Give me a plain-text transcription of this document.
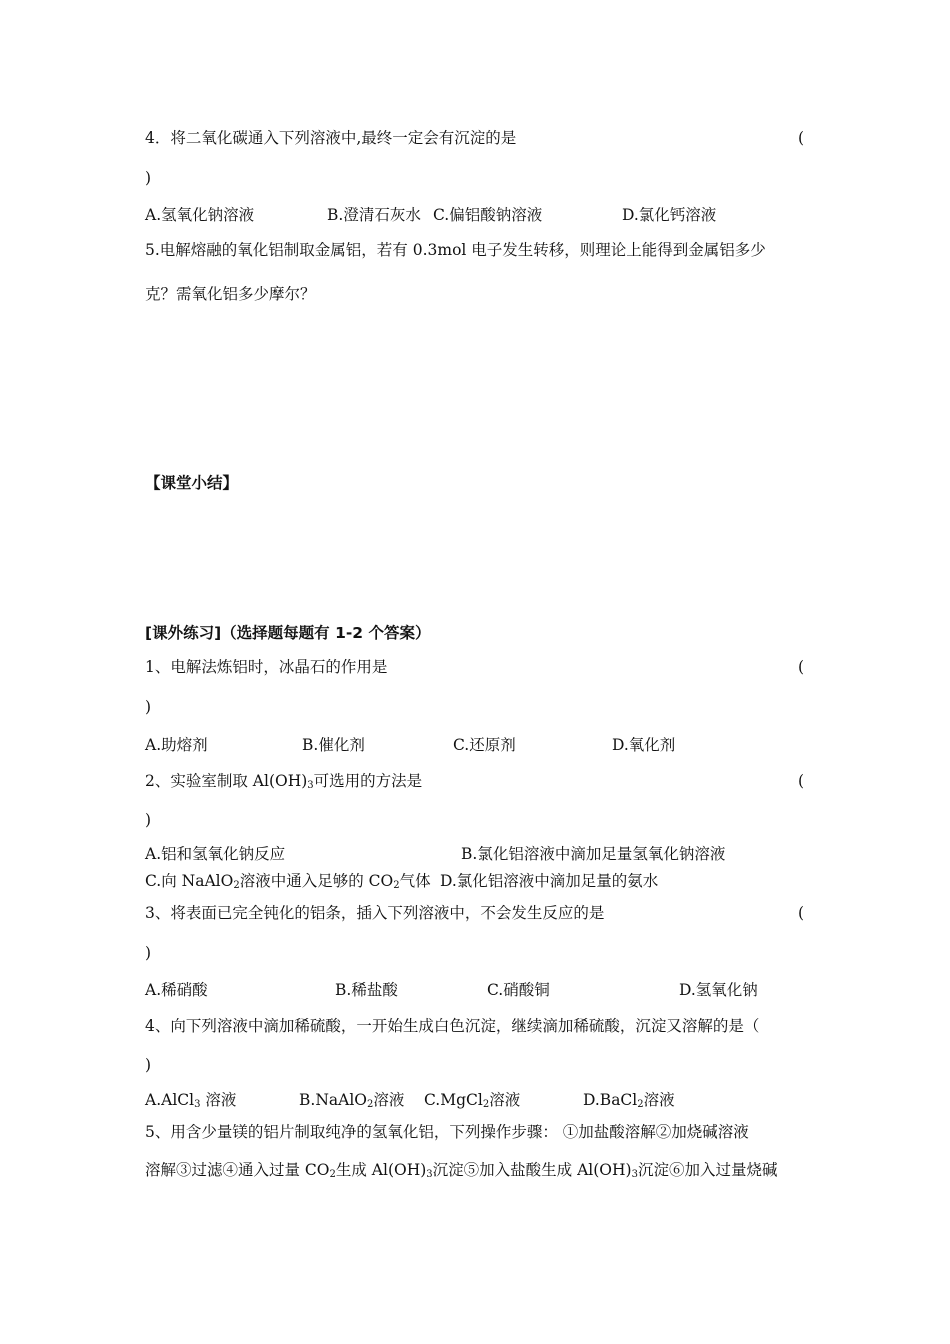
4．将二氧化碳通入下列溶液中,最终一定会有沉淀的是	(
)
A.氢氧化钠溶液	B.澄清石灰水 C.偏铝酸钠溶液	D.氯化钙溶液
5.电解熔融的氧化铝制取金属铝，若有 0.3mol 电子发生转移，则理论上能得到金属铝多少
克？需氧化铝多少摩尔？
【课堂小结】
[课外练习]（选择题每题有 1-2 个答案）
1、电解法炼铝时，冰晶石的作用是	(
)
A.助熔剂	B.催化剂	C.还原剂	D.氧化剂
2、实验室制取 $Al(OH)_3$可选用的方法是	(
)
A.铝和氢氧化钠反应	B.氯化铝溶液中滴加足量氢氧化钠溶液
C.向 NaAlO$_2$溶液中通入足够的 $CO_2$气体 D.氯化铝溶液中滴加足量的氨水
3、将表面已完全钝化的铝条，插入下列溶液中，不会发生反应的是	(
)
A.稀硝酸	B.稀盐酸	C.硝酸铜	D.氢氧化钠
4、向下列溶液中滴加稀硫酸，一开始生成白色沉淀，继续滴加稀硫酸，沉淀又溶解的是（
)
A.AlCl$_3$ 溶液	B.NaAlO$_2$溶液 C.MgCl$_2$溶液	D.BaCl$_2$溶液
5、用含少量镁的铝片制取纯净的氢氧化铝，下列操作步骤： ①加盐酸溶解②加烧碱溶液
溶解③过滤④通入过量 $CO_2$生成 $Al(OH)_3$沉淀⑤加入盐酸生成 $Al(OH)_3$沉淀⑥加入过量烧碱
